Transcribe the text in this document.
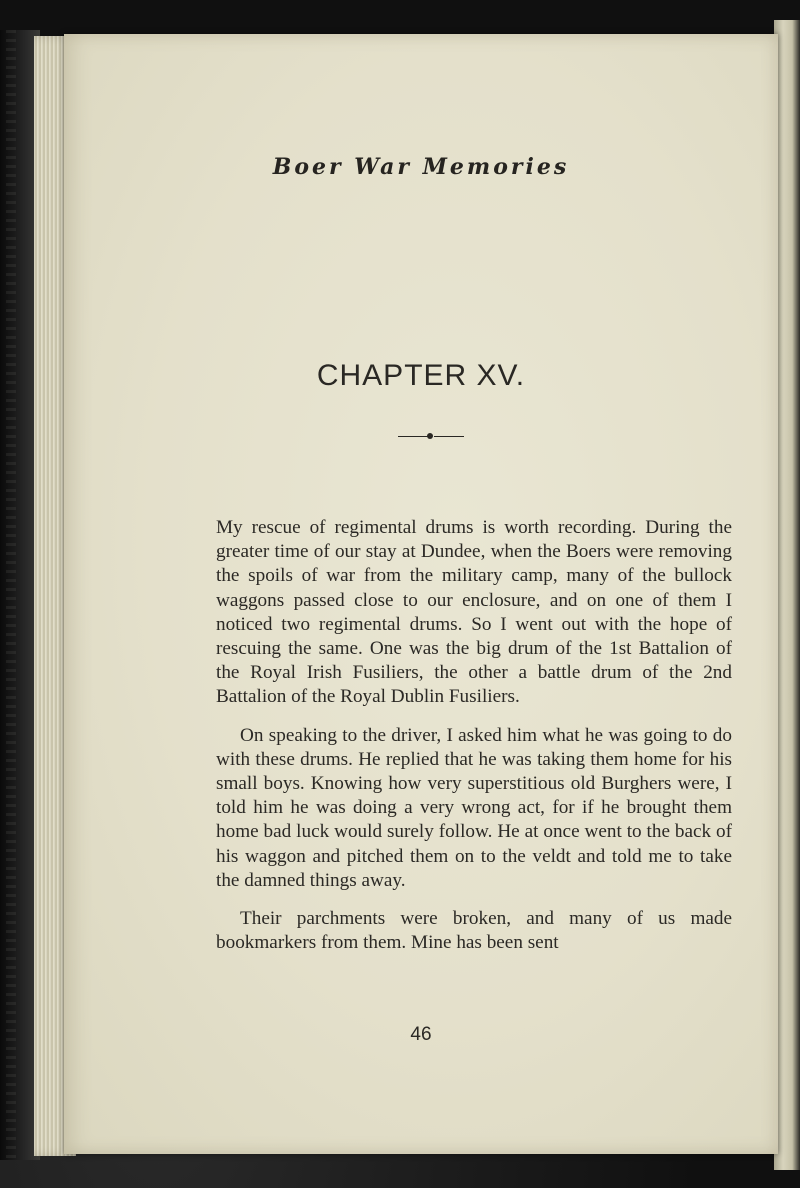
Boer War Memories
CHAPTER XV.

My rescue of regimental drums is worth recording. During the greater time of our stay at Dundee, when the Boers were removing the spoils of war from the military camp, many of the bullock waggons passed close to our enclosure, and on one of them I noticed two regimental drums. So I went out with the hope of rescuing the same. One was the big drum of the 1st Battalion of the Royal Irish Fusiliers, the other a battle drum of the 2nd Battalion of the Royal Dublin Fusiliers.

On speaking to the driver, I asked him what he was going to do with these drums. He replied that he was taking them home for his small boys. Knowing how very superstitious old Burghers were, I told him he was doing a very wrong act, for if he brought them home bad luck would surely follow. He at once went to the back of his waggon and pitched them on to the veldt and told me to take the damned things away.

Their parchments were broken, and many of us made bookmarkers from them. Mine has been sent

46
